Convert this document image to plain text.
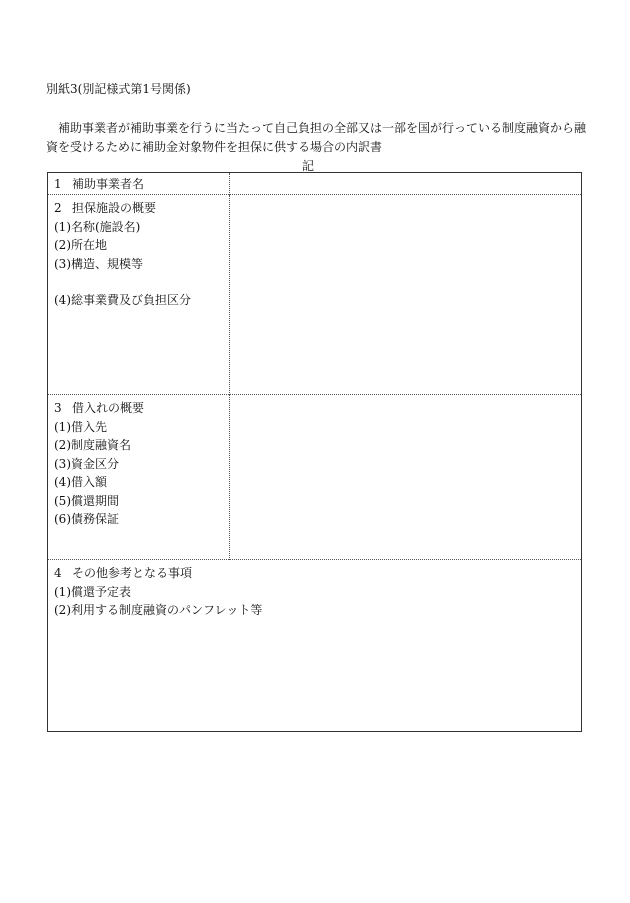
別紙3(別記様式第1号関係)
補助事業者が補助事業を行うに当たって自己負担の全部又は一部を国が行っている制度融資から融
資を受けるために補助金対象物件を担保に供する場合の内訳書
記
1 補助事業者名
2 担保施設の概要
(1)名称(施設名)
(2)所在地
(3)構造、規模等
(4)総事業費及び負担区分
3 借入れの概要
(1)借入先
(2)制度融資名
(3)資金区分
(4)借入額
(5)償還期間
(6)債務保証
4 その他参考となる事項
(1)償還予定表
(2)利用する制度融資のパンフレット等
